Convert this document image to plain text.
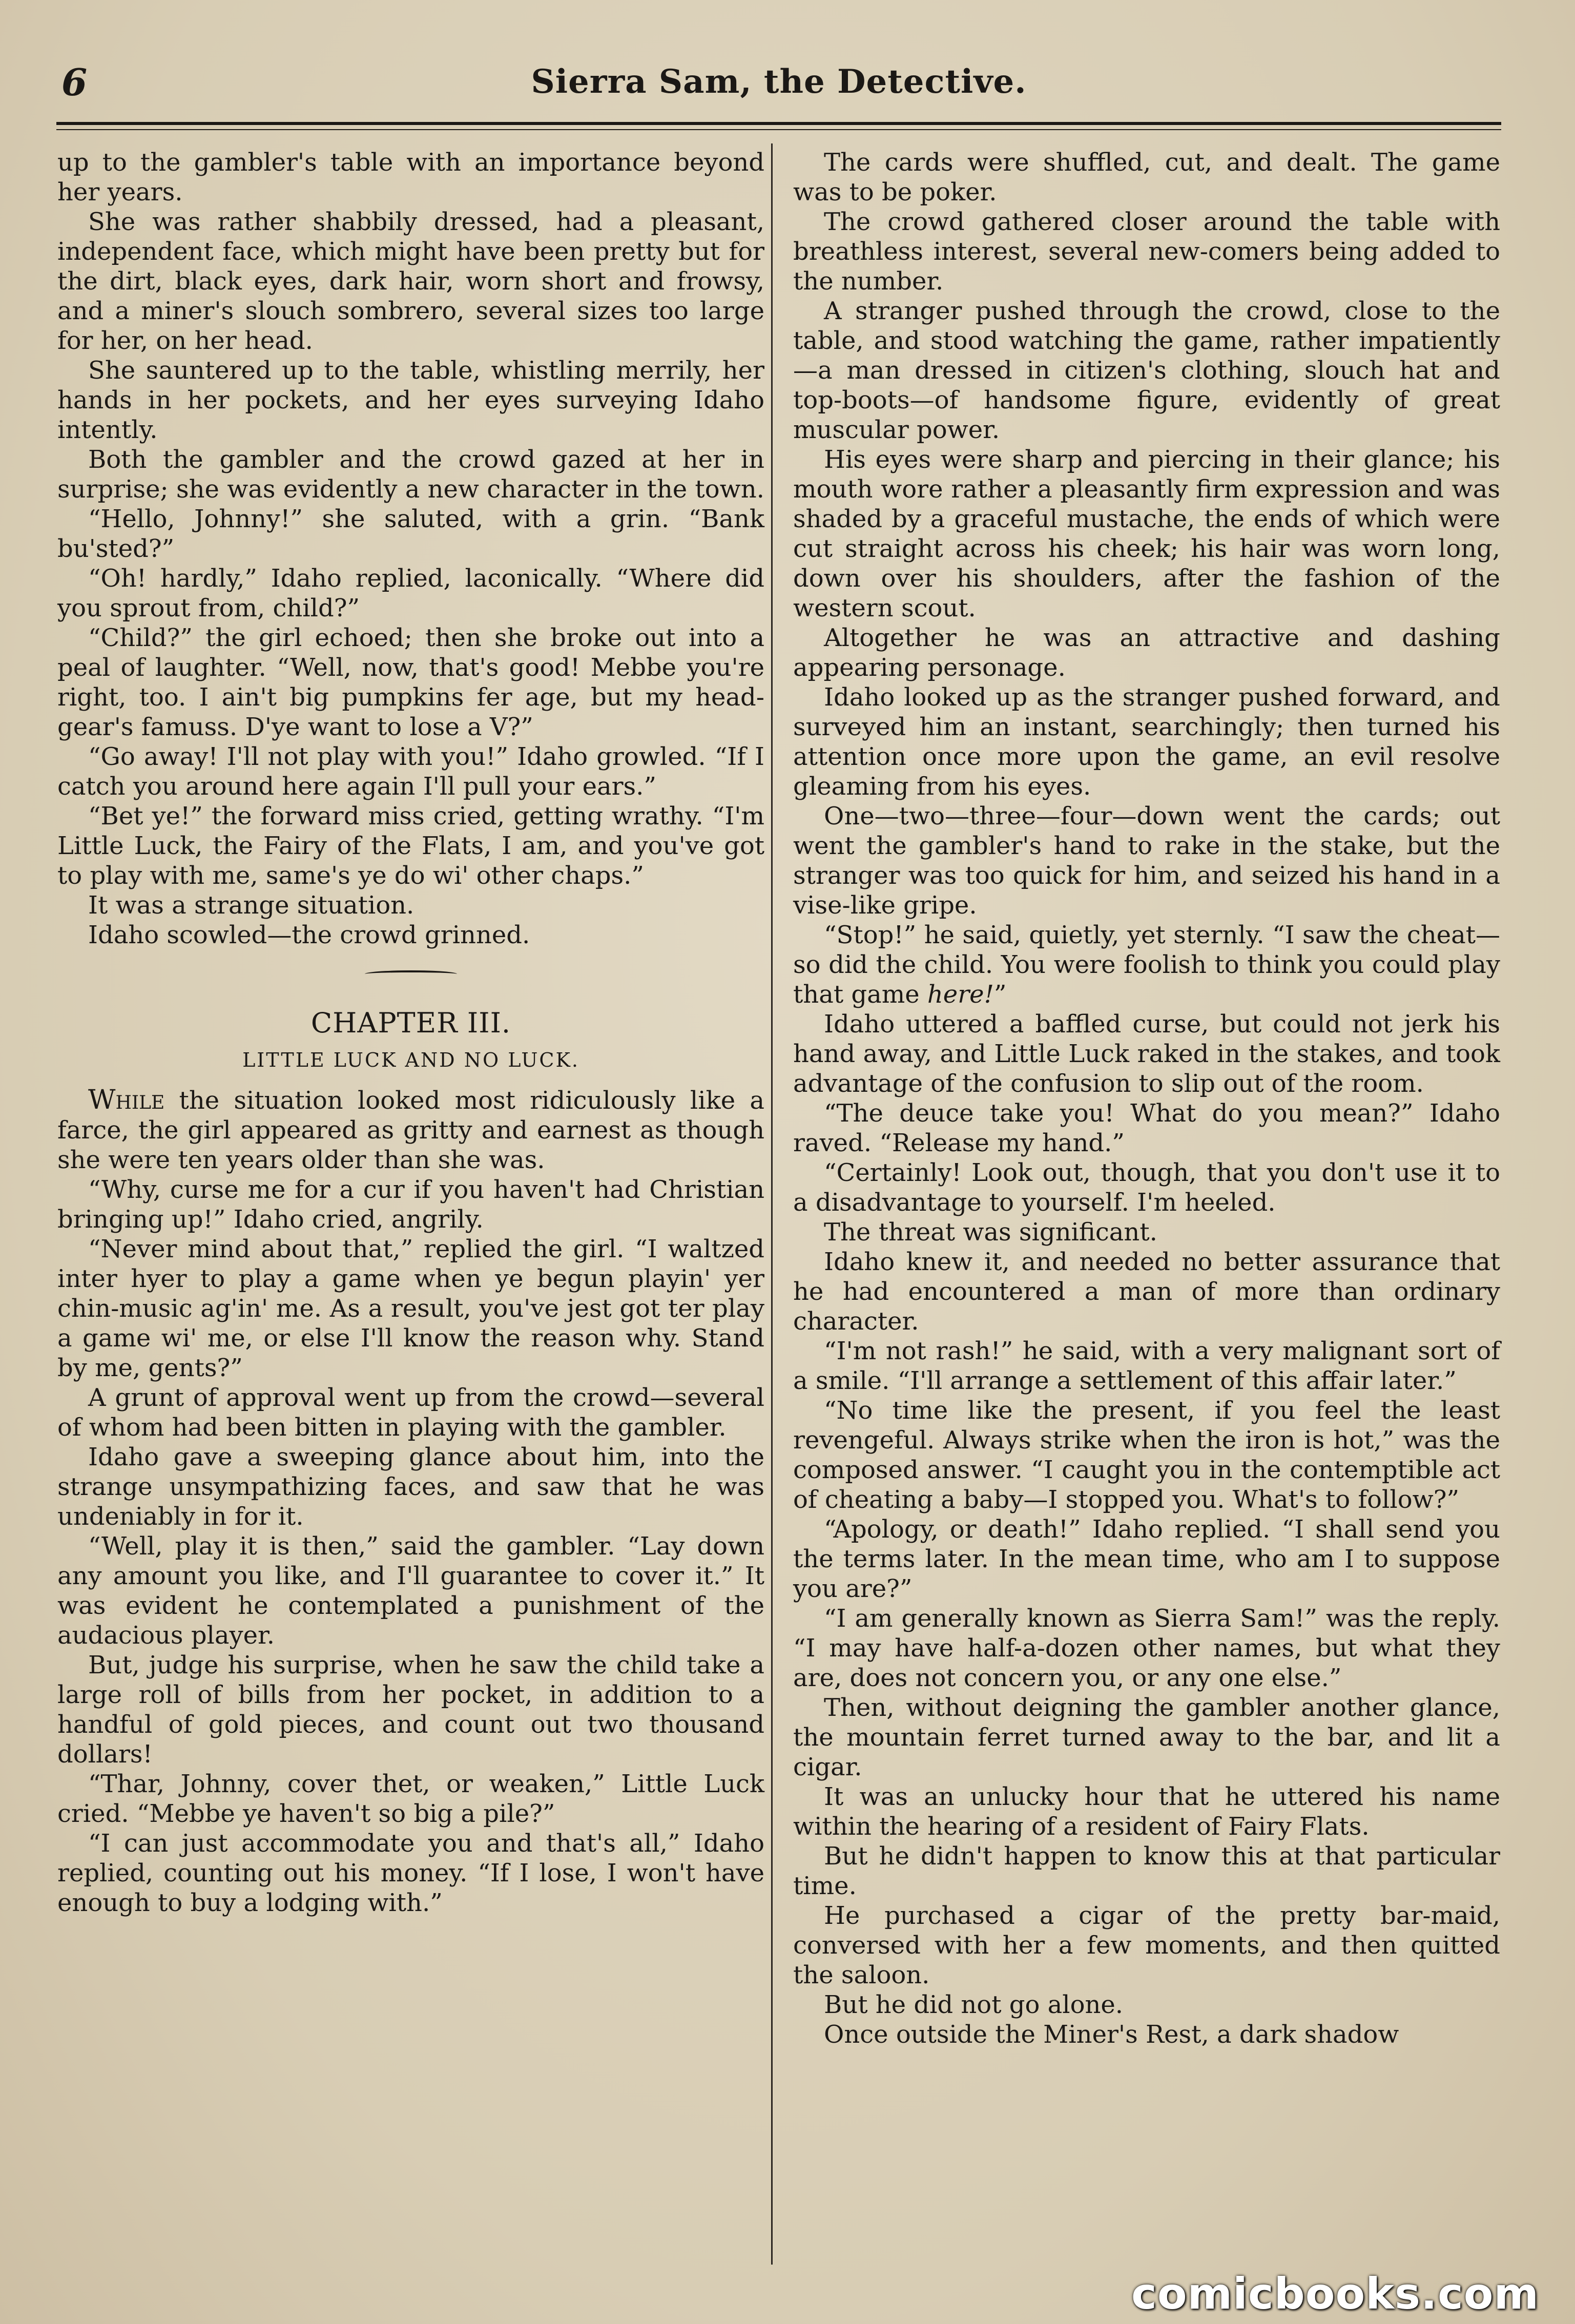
6	Sierra Sam, the Detective.

up to the gambler's table with an importance beyond her years.

She was rather shabbily dressed, had a pleasant, independent face, which might have been pretty but for the dirt, black eyes, dark hair, worn short and frowsy, and a miner's slouch sombrero, several sizes too large for her, on her head.

She sauntered up to the table, whistling merrily, her hands in her pockets, and her eyes surveying Idaho intently.

Both the gambler and the crowd gazed at her in surprise; she was evidently a new character in the town.

“Hello, Johnny!” she saluted, with a grin. “Bank bu'sted?”

“Oh! hardly,” Idaho replied, laconically. “Where did you sprout from, child?”

“Child?” the girl echoed; then she broke out into a peal of laughter. “Well, now, that's good! Mebbe you're right, too. I ain't big pumpkins fer age, but my head-gear's famuss. D'ye want to lose a V?”

“Go away! I'll not play with you!” Idaho growled. “If I catch you around here again I'll pull your ears.”

“Bet ye!” the forward miss cried, getting wrathy. “I'm Little Luck, the Fairy of the Flats, I am, and you've got to play with me, same's ye do wi' other chaps.”

It was a strange situation.

Idaho scowled—the crowd grinned.

CHAPTER III.
LITTLE LUCK AND NO LUCK.

While the situation looked most ridiculously like a farce, the girl appeared as gritty and earnest as though she were ten years older than she was.

“Why, curse me for a cur if you haven't had Christian bringing up!” Idaho cried, angrily.

“Never mind about that,” replied the girl. “I waltzed inter hyer to play a game when ye begun playin' yer chin-music ag'in' me. As a result, you've jest got ter play a game wi' me, or else I'll know the reason why. Stand by me, gents?”

A grunt of approval went up from the crowd—several of whom had been bitten in playing with the gambler.

Idaho gave a sweeping glance about him, into the strange unsympathizing faces, and saw that he was undeniably in for it.

“Well, play it is then,” said the gambler. “Lay down any amount you like, and I'll guarantee to cover it.” It was evident he contemplated a punishment of the audacious player.

But, judge his surprise, when he saw the child take a large roll of bills from her pocket, in addition to a handful of gold pieces, and count out two thousand dollars!

“Thar, Johnny, cover thet, or weaken,” Little Luck cried. “Mebbe ye haven't so big a pile?”

“I can just accommodate you and that's all,” Idaho replied, counting out his money. “If I lose, I won't have enough to buy a lodging with.”

The cards were shuffled, cut, and dealt. The game was to be poker.

The crowd gathered closer around the table with breathless interest, several new-comers being added to the number.

A stranger pushed through the crowd, close to the table, and stood watching the game, rather impatiently—a man dressed in citizen's clothing, slouch hat and top-boots—of handsome figure, evidently of great muscular power.

His eyes were sharp and piercing in their glance; his mouth wore rather a pleasantly firm expression and was shaded by a graceful mustache, the ends of which were cut straight across his cheek; his hair was worn long, down over his shoulders, after the fashion of the western scout.

Altogether he was an attractive and dashing appearing personage.

Idaho looked up as the stranger pushed forward, and surveyed him an instant, searchingly; then turned his attention once more upon the game, an evil resolve gleaming from his eyes.

One—two—three—four—down went the cards; out went the gambler's hand to rake in the stake, but the stranger was too quick for him, and seized his hand in a vise-like gripe.

“Stop!” he said, quietly, yet sternly. “I saw the cheat—so did the child. You were foolish to think you could play that game here!”

Idaho uttered a baffled curse, but could not jerk his hand away, and Little Luck raked in the stakes, and took advantage of the confusion to slip out of the room.

“The deuce take you! What do you mean?” Idaho raved. “Release my hand.”

“Certainly! Look out, though, that you don't use it to a disadvantage to yourself. I'm heeled.

The threat was significant.

Idaho knew it, and needed no better assurance that he had encountered a man of more than ordinary character.

“I'm not rash!” he said, with a very malignant sort of a smile. “I'll arrange a settlement of this affair later.”

“No time like the present, if you feel the least revengeful. Always strike when the iron is hot,” was the composed answer. “I caught you in the contemptible act of cheating a baby—I stopped you. What's to follow?”

“Apology, or death!” Idaho replied. “I shall send you the terms later. In the mean time, who am I to suppose you are?”

“I am generally known as Sierra Sam!” was the reply. “I may have half-a-dozen other names, but what they are, does not concern you, or any one else.”

Then, without deigning the gambler another glance, the mountain ferret turned away to the bar, and lit a cigar.

It was an unlucky hour that he uttered his name within the hearing of a resident of Fairy Flats.

But he didn't happen to know this at that particular time.

He purchased a cigar of the pretty bar-maid, conversed with her a few moments, and then quitted the saloon.

But he did not go alone.

Once outside the Miner's Rest, a dark shadow

comicbooks.com
